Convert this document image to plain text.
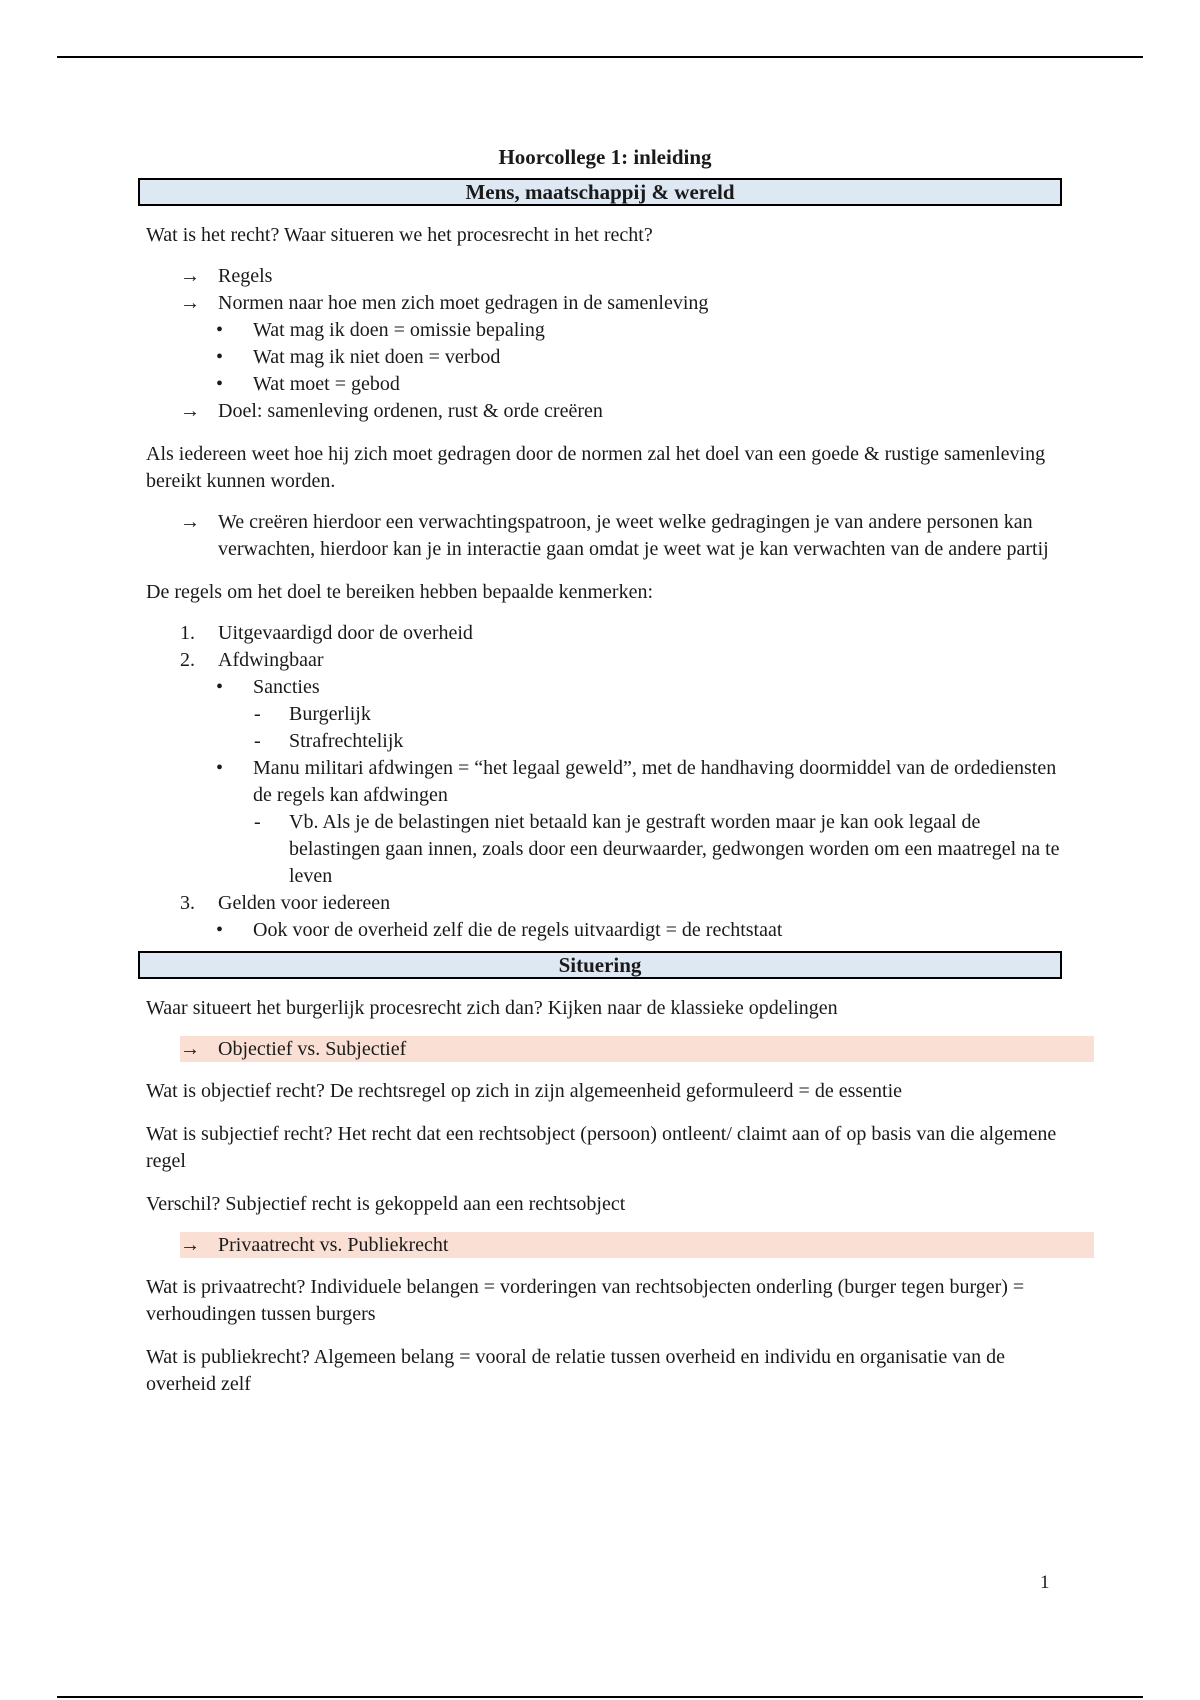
Hoorcollege 1: inleiding

Mens, maatschappij & wereld

Wat is het recht? Waar situeren we het procesrecht in het recht?

→ Regels
→ Normen naar hoe men zich moet gedragen in de samenleving
• Wat mag ik doen = omissie bepaling
• Wat mag ik niet doen = verbod
• Wat moet = gebod
→ Doel: samenleving ordenen, rust & orde creëren

Als iedereen weet hoe hij zich moet gedragen door de normen zal het doel van een goede & rustige samenleving bereikt kunnen worden.

→ We creëren hierdoor een verwachtingspatroon, je weet welke gedragingen je van andere personen kan verwachten, hierdoor kan je in interactie gaan omdat je weet wat je kan verwachten van de andere partij

De regels om het doel te bereiken hebben bepaalde kenmerken:

1.	Uitgevaardigd door de overheid
2.	Afdwingbaar
• Sancties
- Burgerlijk
- Strafrechtelijk
• Manu militari afdwingen = “het legaal geweld”, met de handhaving doormiddel van de ordediensten de regels kan afdwingen
- Vb. Als je de belastingen niet betaald kan je gestraft worden maar je kan ook legaal de belastingen gaan innen, zoals door een deurwaarder, gedwongen worden om een maatregel na te leven
3.	Gelden voor iedereen
• Ook voor de overheid zelf die de regels uitvaardigt = de rechtstaat
Situering

Waar situeert het burgerlijk procesrecht zich dan? Kijken naar de klassieke opdelingen

→ Objectief vs. Subjectief

Wat is objectief recht? De rechtsregel op zich in zijn algemeenheid geformuleerd = de essentie

Wat is subjectief recht? Het recht dat een rechtsobject (persoon) ontleent/ claimt aan of op basis van die algemene regel

Verschil? Subjectief recht is gekoppeld aan een rechtsobject

→ Privaatrecht vs. Publiekrecht

Wat is privaatrecht? Individuele belangen = vorderingen van rechtsobjecten onderling (burger tegen burger) = verhoudingen tussen burgers

Wat is publiekrecht? Algemeen belang = vooral de relatie tussen overheid en individu en organisatie van de overheid zelf

1
